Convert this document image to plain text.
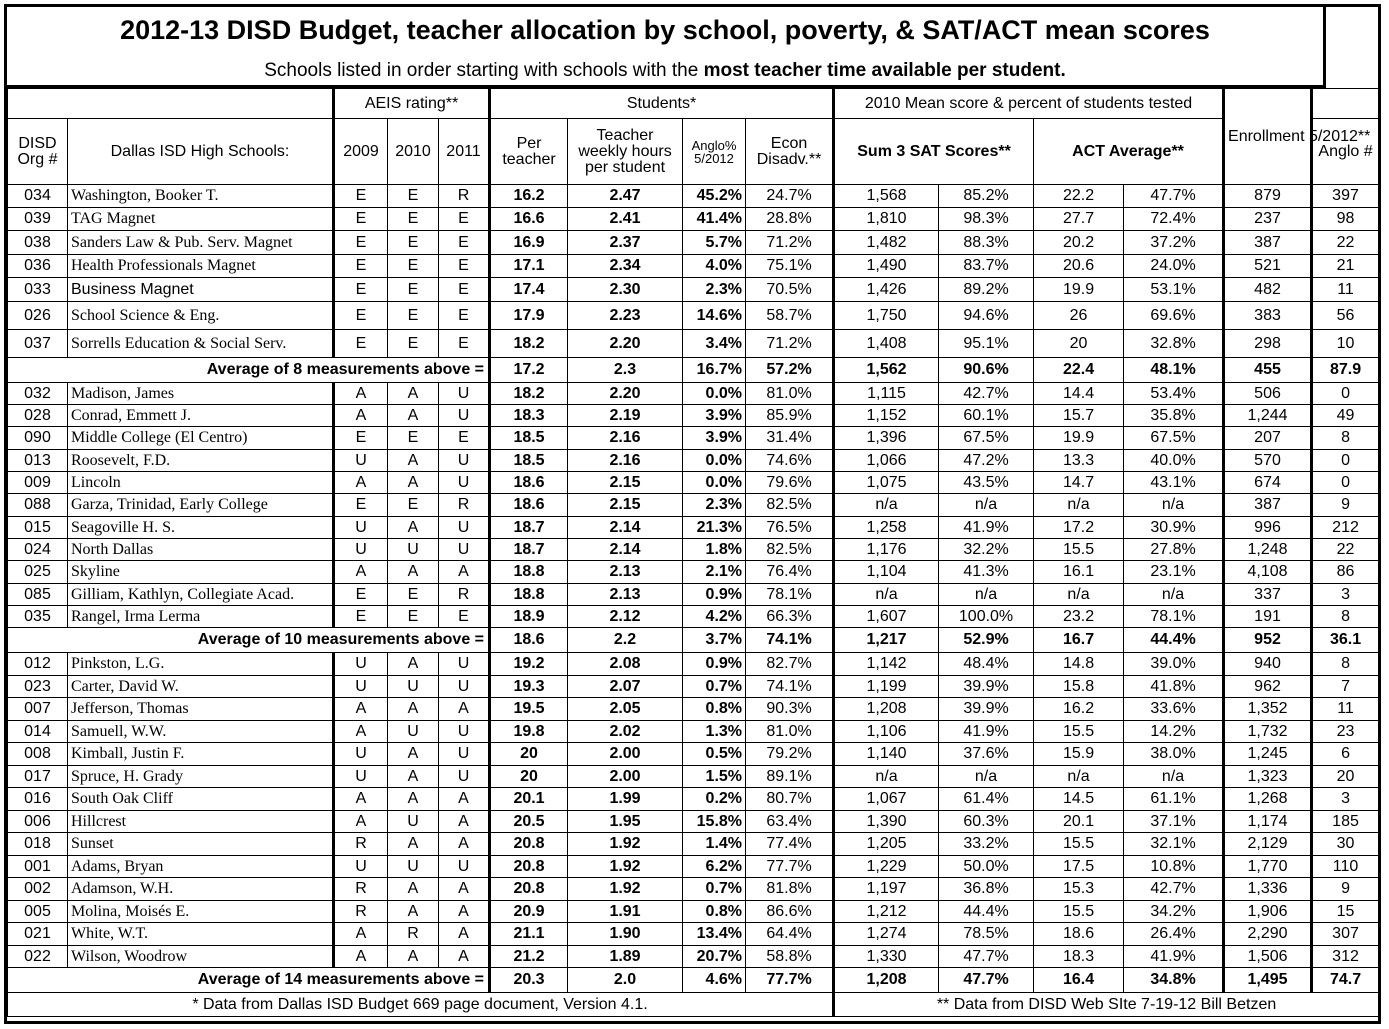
2012-13 DISD Budget, teacher allocation by school, poverty, & SAT/ACT mean scores
Schools listed in order starting with schools with the most teacher time available per student.
		AEIS rating**			Students*				2010 Mean score & percent of students tested				Enrollment 5/2012**	
DISD Org #	Dallas ISD High Schools:	2009	2010	2011	Per teacher	Teacher weekly hours per student	Anglo% 5/2012	Econ Disadv.**	Sum 3 SAT Scores**		ACT Average**			Anglo #
034	Washington, Booker T.	E	E	R	16.2	2.47	45.2%	24.7%	1,568	85.2%	22.2	47.7%	879	397
039	TAG Magnet	E	E	E	16.6	2.41	41.4%	28.8%	1,810	98.3%	27.7	72.4%	237	98
038	Sanders Law & Pub. Serv. Magnet	E	E	E	16.9	2.37	5.7%	71.2%	1,482	88.3%	20.2	37.2%	387	22
036	Health Professionals Magnet	E	E	E	17.1	2.34	4.0%	75.1%	1,490	83.7%	20.6	24.0%	521	21
033	Business Magnet	E	E	E	17.4	2.30	2.3%	70.5%	1,426	89.2%	19.9	53.1%	482	11
026	School Science & Eng.	E	E	E	17.9	2.23	14.6%	58.7%	1,750	94.6%	26	69.6%	383	56
037	Sorrells Education & Social Serv.	E	E	E	18.2	2.20	3.4%	71.2%	1,408	95.1%	20	32.8%	298	10
Average of 8 measurements above =					17.2	2.3	16.7%	57.2%	1,562	90.6%	22.4	48.1%	455	87.9
032	Madison, James	A	A	U	18.2	2.20	0.0%	81.0%	1,115	42.7%	14.4	53.4%	506	0
028	Conrad, Emmett J.	A	A	U	18.3	2.19	3.9%	85.9%	1,152	60.1%	15.7	35.8%	1,244	49
090	Middle College (El Centro)	E	E	E	18.5	2.16	3.9%	31.4%	1,396	67.5%	19.9	67.5%	207	8
013	Roosevelt, F.D.	U	A	U	18.5	2.16	0.0%	74.6%	1,066	47.2%	13.3	40.0%	570	0
009	Lincoln	A	A	U	18.6	2.15	0.0%	79.6%	1,075	43.5%	14.7	43.1%	674	0
088	Garza, Trinidad, Early College	E	E	R	18.6	2.15	2.3%	82.5%	n/a	n/a	n/a	n/a	387	9
015	Seagoville H. S.	U	A	U	18.7	2.14	21.3%	76.5%	1,258	41.9%	17.2	30.9%	996	212
024	North Dallas	U	U	U	18.7	2.14	1.8%	82.5%	1,176	32.2%	15.5	27.8%	1,248	22
025	Skyline	A	A	A	18.8	2.13	2.1%	76.4%	1,104	41.3%	16.1	23.1%	4,108	86
085	Gilliam, Kathlyn, Collegiate Acad.	E	E	R	18.8	2.13	0.9%	78.1%	n/a	n/a	n/a	n/a	337	3
035	Rangel, Irma Lerma	E	E	E	18.9	2.12	4.2%	66.3%	1,607	100.0%	23.2	78.1%	191	8
Average of 10 measurements above =					18.6	2.2	3.7%	74.1%	1,217	52.9%	16.7	44.4%	952	36.1
012	Pinkston, L.G.	U	A	U	19.2	2.08	0.9%	82.7%	1,142	48.4%	14.8	39.0%	940	8
023	Carter, David W.	U	U	U	19.3	2.07	0.7%	74.1%	1,199	39.9%	15.8	41.8%	962	7
007	Jefferson, Thomas	A	A	A	19.5	2.05	0.8%	90.3%	1,208	39.9%	16.2	33.6%	1,352	11
014	Samuell, W.W.	A	U	U	19.8	2.02	1.3%	81.0%	1,106	41.9%	15.5	14.2%	1,732	23
008	Kimball, Justin F.	U	A	U	20	2.00	0.5%	79.2%	1,140	37.6%	15.9	38.0%	1,245	6
017	Spruce, H. Grady	U	A	U	20	2.00	1.5%	89.1%	n/a	n/a	n/a	n/a	1,323	20
016	South Oak Cliff	A	A	A	20.1	1.99	0.2%	80.7%	1,067	61.4%	14.5	61.1%	1,268	3
006	Hillcrest	A	U	A	20.5	1.95	15.8%	63.4%	1,390	60.3%	20.1	37.1%	1,174	185
018	Sunset	R	A	A	20.8	1.92	1.4%	77.4%	1,205	33.2%	15.5	32.1%	2,129	30
001	Adams, Bryan	U	U	U	20.8	1.92	6.2%	77.7%	1,229	50.0%	17.5	10.8%	1,770	110
002	Adamson, W.H.	R	A	A	20.8	1.92	0.7%	81.8%	1,197	36.8%	15.3	42.7%	1,336	9
005	Molina, Moisés E.	R	A	A	20.9	1.91	0.8%	86.6%	1,212	44.4%	15.5	34.2%	1,906	15
021	White, W.T.	A	R	A	21.1	1.90	13.4%	64.4%	1,274	78.5%	18.6	26.4%	2,290	307
022	Wilson, Woodrow	A	A	A	21.2	1.89	20.7%	58.8%	1,330	47.7%	18.3	41.9%	1,506	312
Average of 14 measurements above =					20.3	2.0	4.6%	77.7%	1,208	47.7%	16.4	34.8%	1,495	74.7
* Data from Dallas ISD Budget 669 page document, Version 4.1.									** Data from DISD Web SIte 7-19-12 Bill Betzen					
